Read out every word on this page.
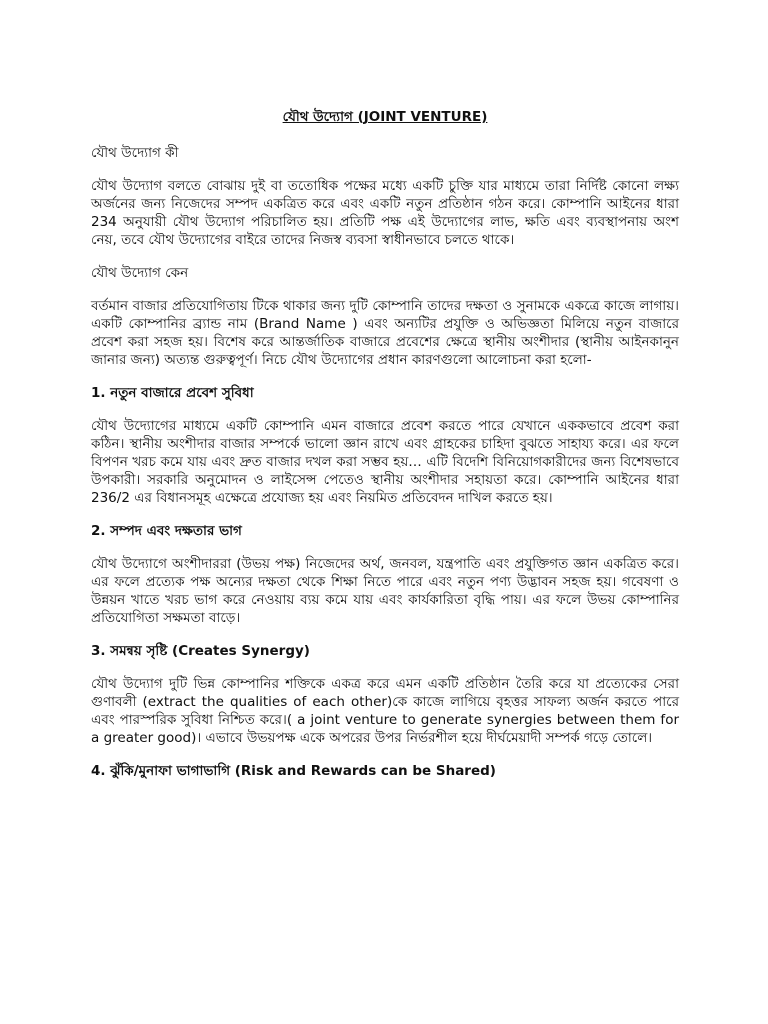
যৌথ উদ্যোগ (JOINT VENTURE)
যৌথ উদ্যোগ কী
যৌথ উদ্যোগ বলতে বোঝায় দুই বা ততোধিক পক্ষের মধ্যে একটি চুক্তি যার মাধ্যমে তারা নির্দিষ্ট কোনো লক্ষ্য অর্জনের জন্য নিজেদের সম্পদ একত্রিত করে এবং একটি নতুন প্রতিষ্ঠান গঠন করে। কোম্পানি আইনের ধারা 234 অনুযায়ী যৌথ উদ্যোগ পরিচালিত হয়। প্রতিটি পক্ষ এই উদ্যোগের লাভ, ক্ষতি এবং ব্যবস্থাপনায় অংশ নেয়, তবে যৌথ উদ্যোগের বাইরে তাদের নিজস্ব ব্যবসা স্বাধীনভাবে চলতে থাকে।
যৌথ উদ্যোগ কেন
বর্তমান বাজার প্রতিযোগিতায় টিকে থাকার জন্য দুটি কোম্পানি তাদের দক্ষতা ও সুনামকে একত্রে কাজে লাগায়। একটি কোম্পানির ব্র্যান্ড নাম (Brand Name ) এবং অন্যটির প্রযুক্তি ও অভিজ্ঞতা মিলিয়ে নতুন বাজারে প্রবেশ করা সহজ হয়। বিশেষ করে আন্তর্জাতিক বাজারে প্রবেশের ক্ষেত্রে স্থানীয় অংশীদার (স্থানীয় আইনকানুন জানার জন্য) অত্যন্ত গুরুত্বপূর্ণ। নিচে যৌথ উদ্যোগের প্রধান কারণগুলো আলোচনা করা হলো-
1. নতুন বাজারে প্রবেশ সুবিধা
যৌথ উদ্যোগের মাধ্যমে একটি কোম্পানি এমন বাজারে প্রবেশ করতে পারে যেখানে এককভাবে প্রবেশ করা কঠিন। স্থানীয় অংশীদার বাজার সম্পর্কে ভালো জ্ঞান রাখে এবং গ্রাহকের চাহিদা বুঝতে সাহায্য করে। এর ফলে বিপণন খরচ কমে যায় এবং দ্রুত বাজার দখল করা সম্ভব হয়… এটি বিদেশি বিনিয়োগকারীদের জন্য বিশেষভাবে উপকারী। সরকারি অনুমোদন ও লাইসেন্স পেতেও স্থানীয় অংশীদার সহায়তা করে। কোম্পানি আইনের ধারা 236/2 এর বিধানসমূহ এক্ষেত্রে প্রযোজ্য হয় এবং নিয়মিত প্রতিবেদন দাখিল করতে হয়।
2. সম্পদ এবং দক্ষতার ভাগ
যৌথ উদ্যোগে অংশীদাররা (উভয় পক্ষ) নিজেদের অর্থ, জনবল, যন্ত্রপাতি এবং প্রযুক্তিগত জ্ঞান একত্রিত করে। এর ফলে প্রত্যেক পক্ষ অন্যের দক্ষতা থেকে শিক্ষা নিতে পারে এবং নতুন পণ্য উদ্ভাবন সহজ হয়। গবেষণা ও উন্নয়ন খাতে খরচ ভাগ করে নেওয়ায় ব্যয় কমে যায় এবং কার্যকারিতা বৃদ্ধি পায়। এর ফলে উভয় কোম্পানির প্রতিযোগিতা সক্ষমতা বাড়ে।
3. সমন্বয় সৃষ্টি (Creates Synergy)
যৌথ উদ্যোগ দুটি ভিন্ন কোম্পানির শক্তিকে একত্র করে এমন একটি প্রতিষ্ঠান তৈরি করে যা প্রত্যেকের সেরা গুণাবলী (extract the qualities of each other)কে কাজে লাগিয়ে বৃহত্তর সাফল্য অর্জন করতে পারে এবং পারস্পরিক সুবিধা নিশ্চিত করে।( a joint venture to generate synergies between them for a greater good)। এভাবে উভয়পক্ষ একে অপরের উপর নির্ভরশীল হয়ে দীর্ঘমেয়াদী সম্পর্ক গড়ে তোলে।
4. ঝুঁকি/মুনাফা ভাগাভাগি (Risk and Rewards can be Shared)
